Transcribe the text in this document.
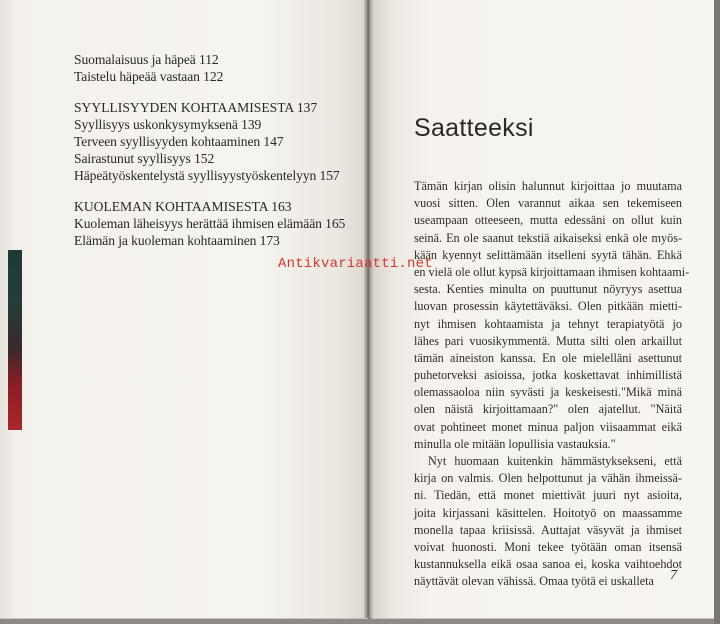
Suomalaisuus ja häpeä 112
Taistelu häpeää vastaan 122
SYYLLISYYDEN KOHTAAMISESTA 137
Syyllisyys uskonkysymyksenä 139
Terveen syyllisyyden kohtaaminen 147
Sairastunut syyllisyys 152
Häpeätyöskentelystä syyllisyystyöskentelyyn 157
KUOLEMAN KOHTAAMISESTA 163
Kuoleman läheisyys herättää ihmisen elämään 165
Elämän ja kuoleman kohtaaminen 173
Saatteeksi
Tämän kirjan olisin halunnut kirjoittaa jo muutama
vuosi sitten. Olen varannut aikaa sen tekemiseen
useampaan otteeseen, mutta edessäni on ollut kuin
seinä. En ole saanut tekstiä aikaiseksi enkä ole myös-
kään kyennyt selittämään itselleni syytä tähän. Ehkä
en vielä ole ollut kypsä kirjoittamaan ihmisen kohtaami-
sesta. Kenties minulta on puuttunut nöyryys asettua
luovan prosessin käytettäväksi. Olen pitkään mietti-
nyt ihmisen kohtaamista ja tehnyt terapiatyötä jo
lähes pari vuosikymmentä. Mutta silti olen arkaillut
tämän aineiston kanssa. En ole mielelläni asettunut
puhetorveksi asioissa, jotka koskettavat inhimillistä
olemassaoloa niin syvästi ja keskeisesti."Mikä minä
olen näistä kirjoittamaan?" olen ajatellut. "Näitä
ovat pohtineet monet minua paljon viisaammat eikä
minulla ole mitään lopullisia vastauksia."
Nyt huomaan kuitenkin hämmästyksekseni, että
kirja on valmis. Olen helpottunut ja vähän ihmeissä-
ni. Tiedän, että monet miettivät juuri nyt asioita,
joita kirjassani käsittelen. Hoitotyö on maassamme
monella tapaa kriisissä. Auttajat väsyvät ja ihmiset
voivat huonosti. Moni tekee työtään oman itsensä
kustannuksella eikä osaa sanoa ei, koska vaihtoehdot
näyttävät olevan vähissä. Omaa työtä ei uskalleta
Antikvariaatti.net
7
